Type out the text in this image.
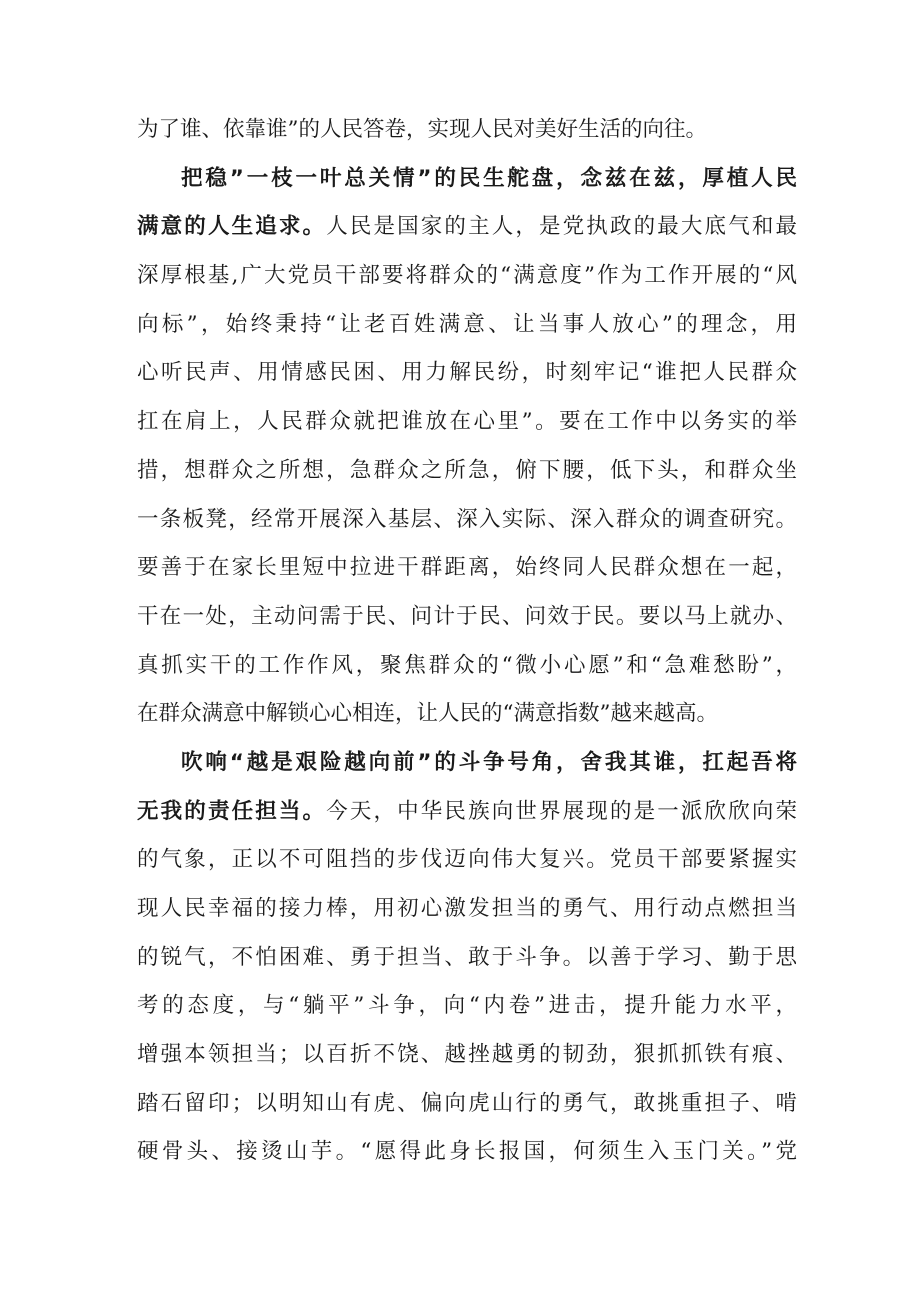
为了谁、依靠谁”的人民答卷，实现人民对美好生活的向往。
把稳”一枝一叶总关情”的民生舵盘，念兹在兹，厚植人民
满意的人生追求。人民是国家的主人，是党执政的最大底气和最
深厚根基,广大党员干部要将群众的“满意度”作为工作开展的“风
向标”，始终秉持“让老百姓满意、让当事人放心”的理念，用
心听民声、用情感民困、用力解民纷，时刻牢记“谁把人民群众
扛在肩上，人民群众就把谁放在心里”。要在工作中以务实的举
措，想群众之所想，急群众之所急，俯下腰，低下头，和群众坐
一条板凳，经常开展深入基层、深入实际、深入群众的调查研究。
要善于在家长里短中拉进干群距离，始终同人民群众想在一起，
干在一处，主动问需于民、问计于民、问效于民。要以马上就办、
真抓实干的工作作风，聚焦群众的“微小心愿”和“急难愁盼”，
在群众满意中解锁心心相连，让人民的“满意指数”越来越高。
吹响“越是艰险越向前”的斗争号角，舍我其谁，扛起吾将
无我的责任担当。今天，中华民族向世界展现的是一派欣欣向荣
的气象，正以不可阻挡的步伐迈向伟大复兴。党员干部要紧握实
现人民幸福的接力棒，用初心激发担当的勇气、用行动点燃担当
的锐气，不怕困难、勇于担当、敢于斗争。以善于学习、勤于思
考的态度，与“躺平”斗争，向“内卷”进击，提升能力水平，
增强本领担当；以百折不饶、越挫越勇的韧劲，狠抓抓铁有痕、
踏石留印；以明知山有虎、偏向虎山行的勇气，敢挑重担子、啃
硬骨头、接烫山芋。“愿得此身长报国，何须生入玉门关。”党
